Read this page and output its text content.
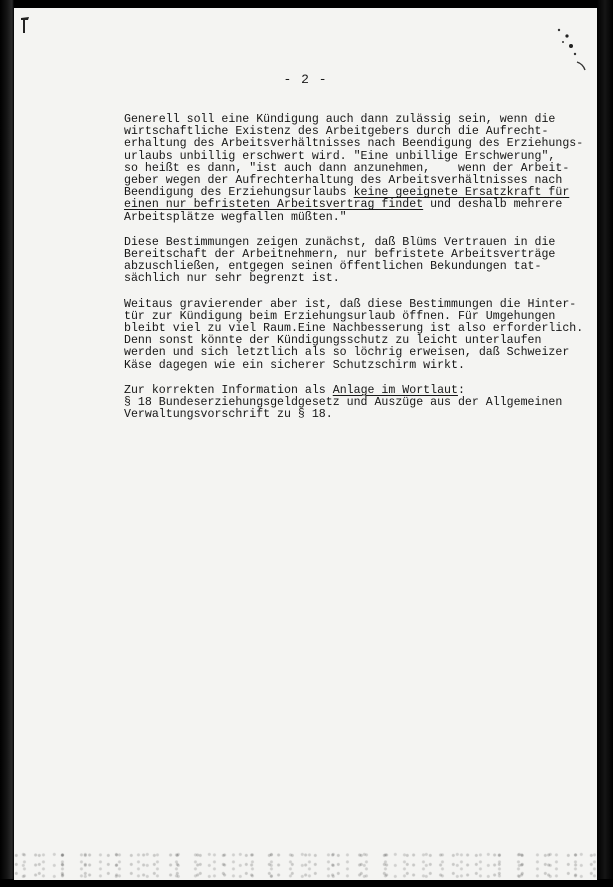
- 2 -
Generell soll eine Kündigung auch dann zulässig sein, wenn die
wirtschaftliche Existenz des Arbeitgebers durch die Aufrecht-
erhaltung des Arbeitsverhältnisses nach Beendigung des Erziehungs-
urlaubs unbillig erschwert wird. "Eine unbillige Erschwerung",
so heißt es dann, "ist auch dann anzunehmen,    wenn der Arbeit-
geber wegen der Aufrechterhaltung des Arbeitsverhältnisses nach
Beendigung des Erziehungsurlaubs keine geeignete Ersatzkraft für
einen nur befristeten Arbeitsvertrag findet und deshalb mehrere
Arbeitsplätze wegfallen müßten."
Diese Bestimmungen zeigen zunächst, daß Blüms Vertrauen in die
Bereitschaft der Arbeitnehmern, nur befristete Arbeitsverträge
abzuschließen, entgegen seinen öffentlichen Bekundungen tat-
sächlich nur sehr begrenzt ist.
Weitaus gravierender aber ist, daß diese Bestimmungen die Hinter-
tür zur Kündigung beim Erziehungsurlaub öffnen. Für Umgehungen
bleibt viel zu viel Raum.Eine Nachbesserung ist also erforderlich.
Denn sonst könnte der Kündigungsschutz zu leicht unterlaufen
werden und sich letztlich als so löchrig erweisen, daß Schweizer
Käse dagegen wie ein sicherer Schutzschirm wirkt.
Zur korrekten Information als Anlage im Wortlaut:
§ 18 Bundeserziehungsgeldgesetz und Auszüge aus der Allgemeinen
Verwaltungsvorschrift zu § 18.
